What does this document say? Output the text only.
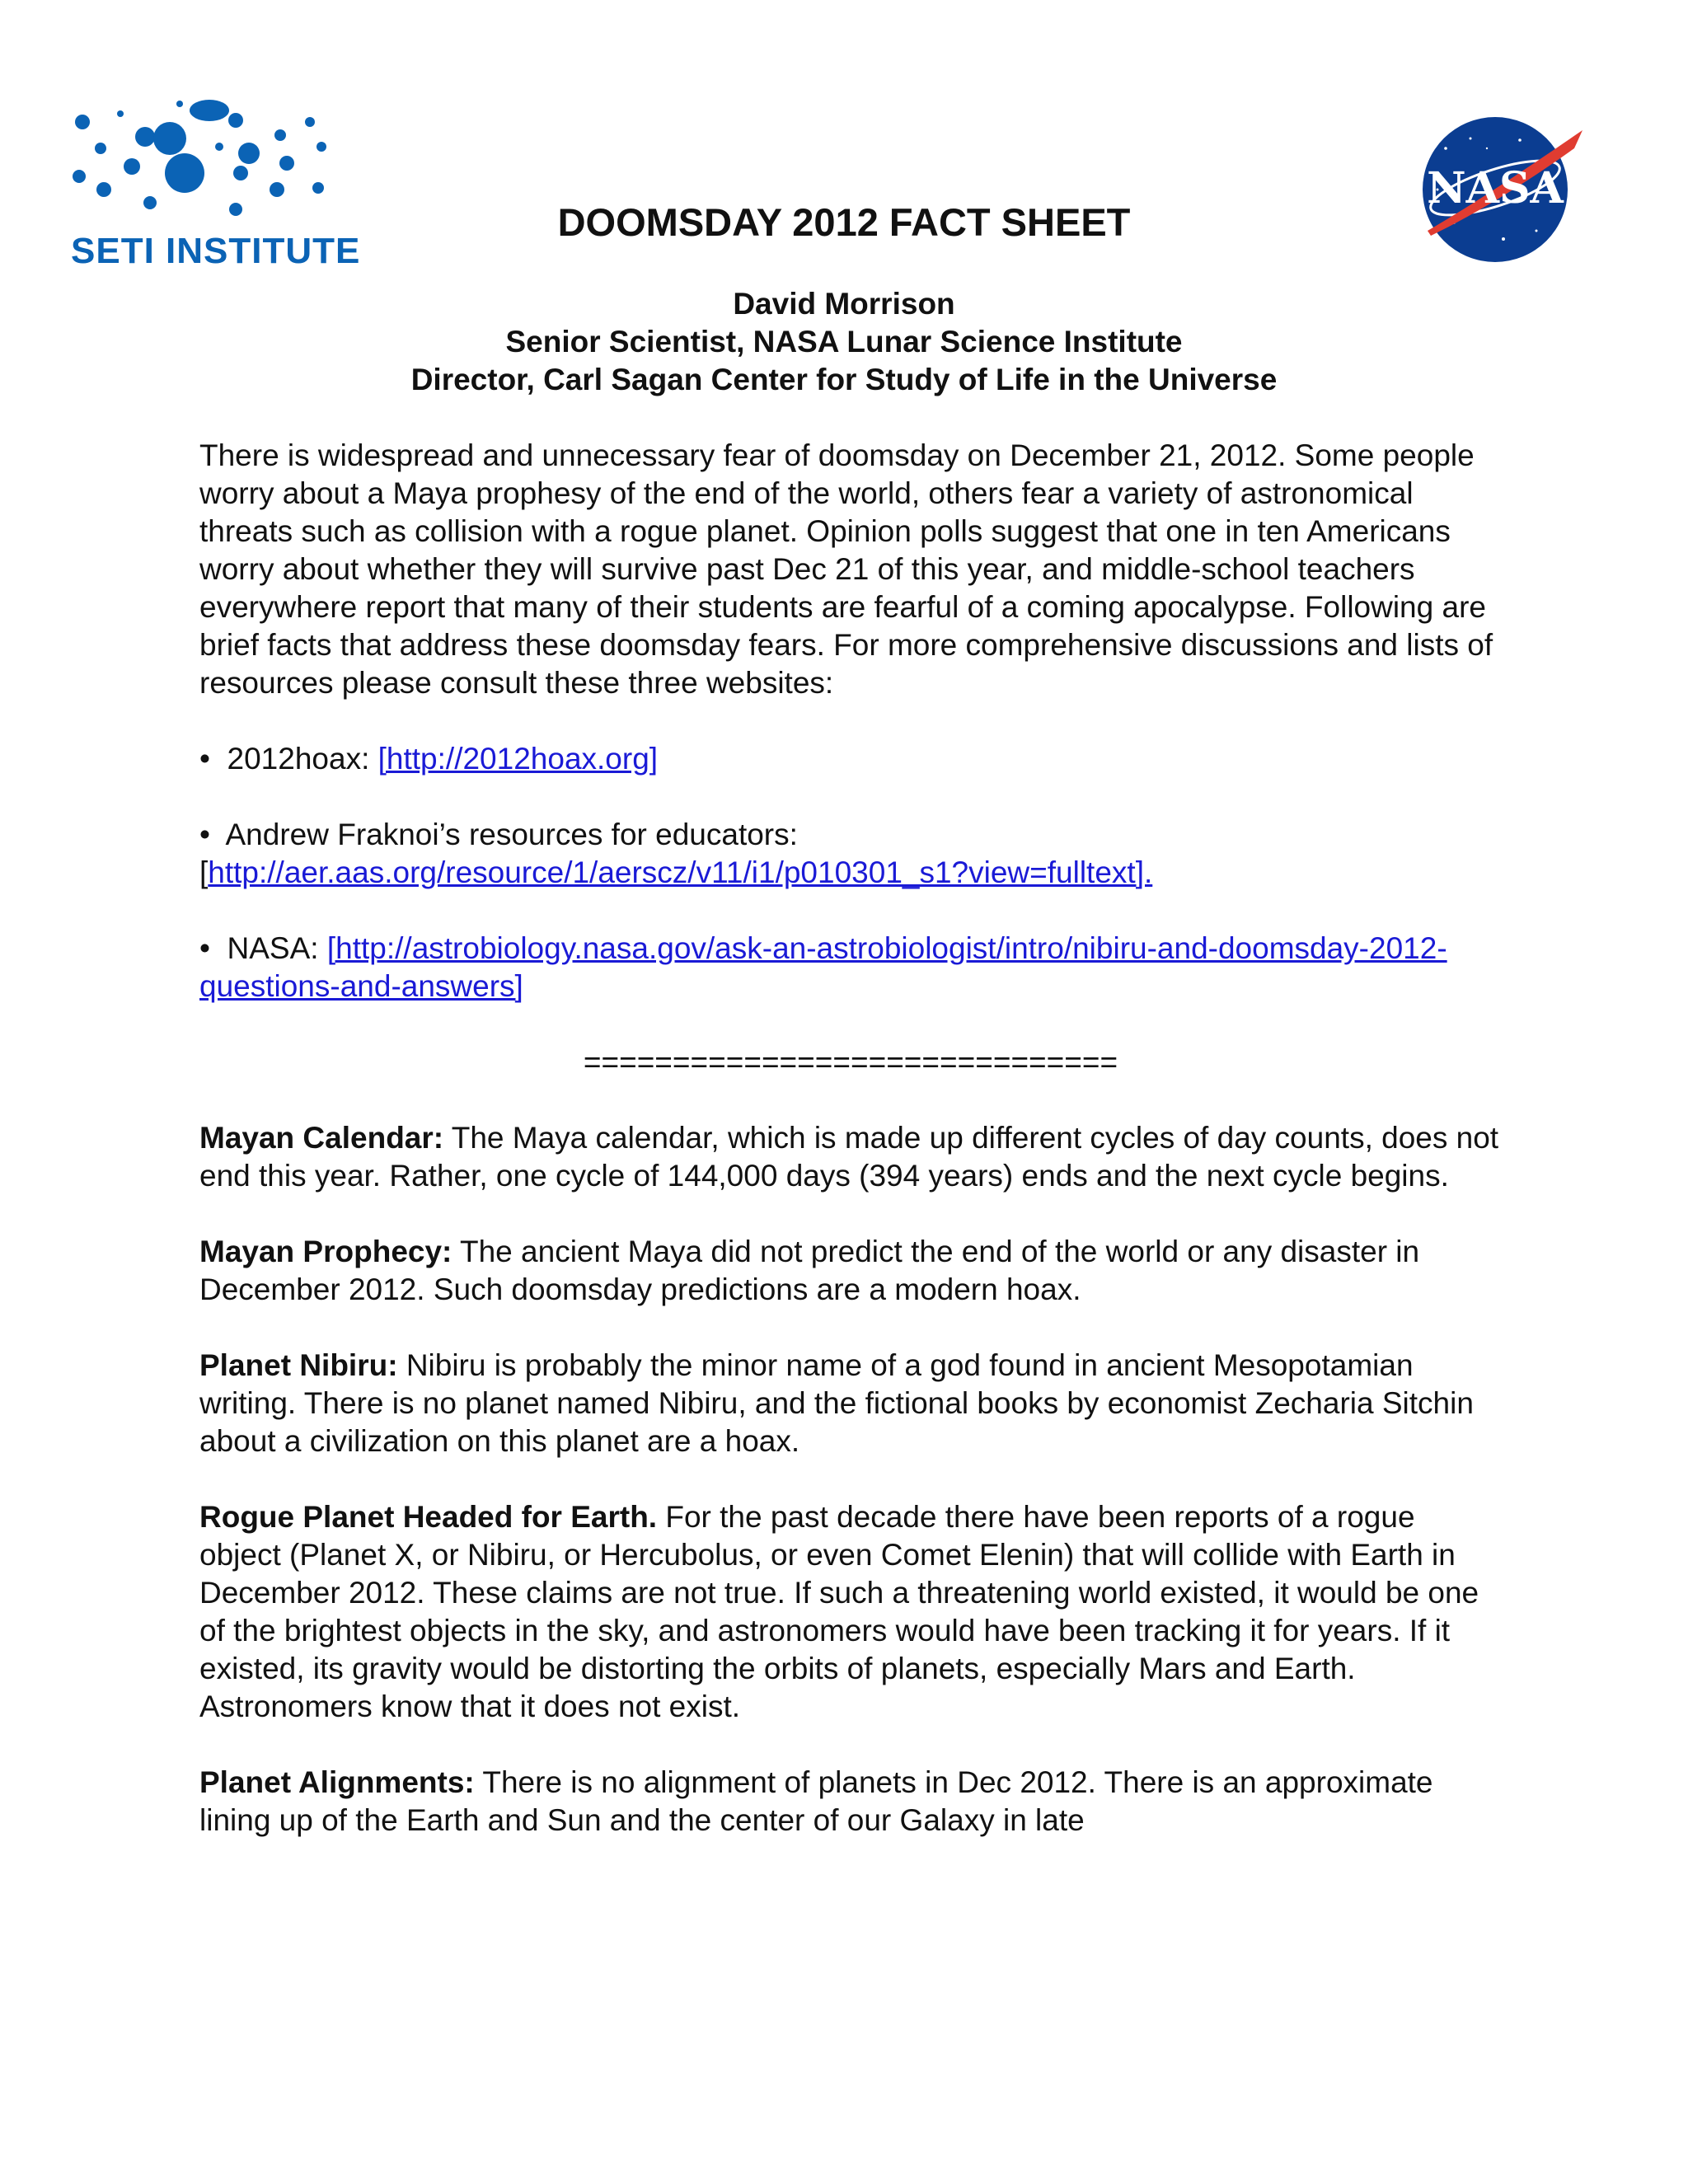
SETI INSTITUTE
NASA
DOOMSDAY 2012 FACT SHEET
David Morrison
Senior Scientist, NASA Lunar Science Institute
Director, Carl Sagan Center for Study of Life in the Universe

There is widespread and unnecessary fear of doomsday on December 21, 2012. Some people worry about a Maya prophesy of the end of the world, others fear a variety of astronomical threats such as collision with a rogue planet. Opinion polls suggest that one in ten Americans worry about whether they will survive past Dec 21 of this year, and middle-school teachers everywhere report that many of their students are fearful of a coming apocalypse. Following are brief facts that address these doomsday fears. For more comprehensive discussions and lists of resources please consult these three websites:

• 2012hoax: [http://2012hoax.org]

• Andrew Fraknoi’s resources for educators:
[http://aer.aas.org/resource/1/aerscz/v11/i1/p010301_s1?view=fulltext].

• NASA: [http://astrobiology.nasa.gov/ask-an-astrobiologist/intro/nibiru-and-doomsday-2012-questions-and-answers]

==============================

Mayan Calendar: The Maya calendar, which is made up different cycles of day counts, does not end this year. Rather, one cycle of 144,000 days (394 years) ends and the next cycle begins.

Mayan Prophecy: The ancient Maya did not predict the end of the world or any disaster in December 2012. Such doomsday predictions are a modern hoax.

Planet Nibiru: Nibiru is probably the minor name of a god found in ancient Mesopotamian writing. There is no planet named Nibiru, and the fictional books by economist Zecharia Sitchin about a civilization on this planet are a hoax.

Rogue Planet Headed for Earth. For the past decade there have been reports of a rogue object (Planet X, or Nibiru, or Hercubolus, or even Comet Elenin) that will collide with Earth in December 2012. These claims are not true. If such a threatening world existed, it would be one of the brightest objects in the sky, and astronomers would have been tracking it for years. If it existed, its gravity would be distorting the orbits of planets, especially Mars and Earth. Astronomers know that it does not exist.

Planet Alignments: There is no alignment of planets in Dec 2012. There is an approximate lining up of the Earth and Sun and the center of our Galaxy in late
